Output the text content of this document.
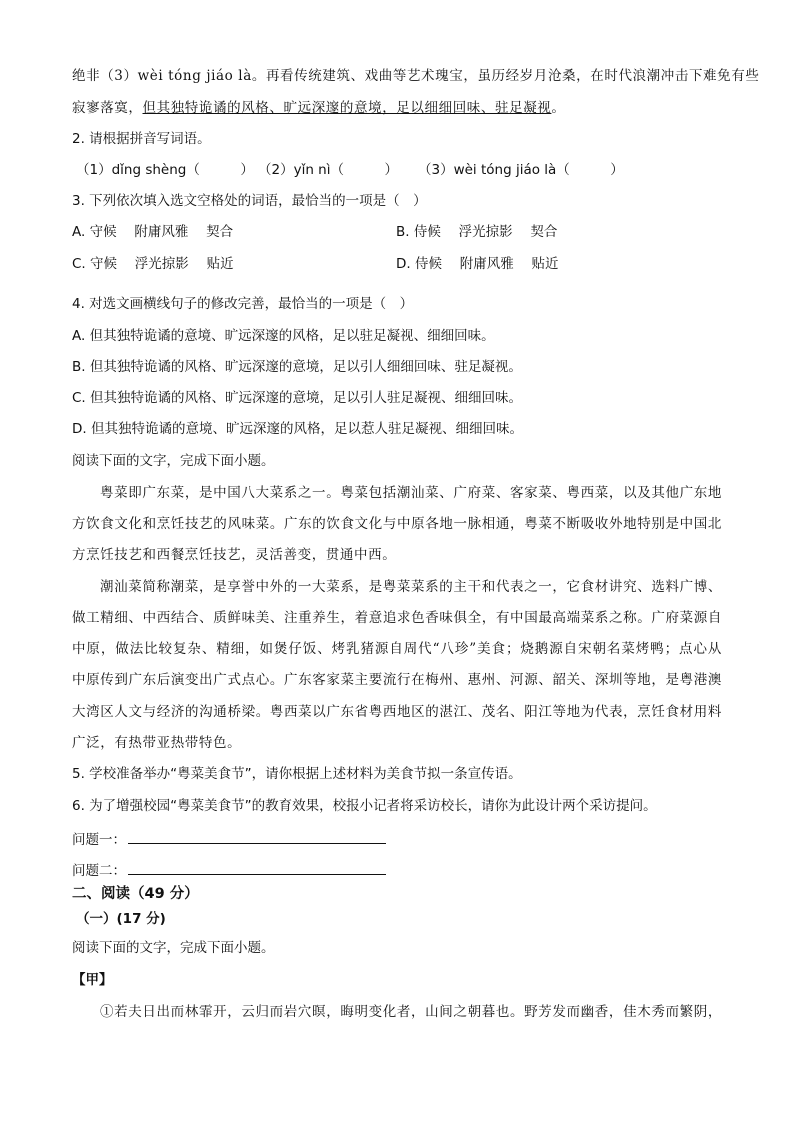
绝非（3）wèi tóng jiáo là。再看传统建筑、戏曲等艺术瑰宝，虽历经岁月沧桑，在时代浪潮冲击下难免有些
寂寥落寞，但其独特诡谲的风格、旷远深邃的意境，足以细细回味、驻足凝视。
2. 请根据拼音写词语。
（1）dǐng shèng（　　　） （2）yǐn nì（　　　） （3）wèi tóng jiáo là（　　　）
3. 下列依次填入选文空格处的词语，最恰当的一项是（　）
A. 守候　 附庸风雅　 契合	B. 侍候　 浮光掠影　 契合
C. 守候　 浮光掠影　 贴近	D. 侍候　 附庸风雅　 贴近
4. 对选文画横线句子的修改完善，最恰当的一项是（　）
A. 但其独特诡谲的意境、旷远深邃的风格，足以驻足凝视、细细回味。
B. 但其独特诡谲的风格、旷远深邃的意境，足以引人细细回味、驻足凝视。
C. 但其独特诡谲的风格、旷远深邃的意境，足以引人驻足凝视、细细回味。
D. 但其独特诡谲的意境、旷远深邃的风格，足以惹人驻足凝视、细细回味。
阅读下面的文字，完成下面小题。
粤菜即广东菜，是中国八大菜系之一。粤菜包括潮汕菜、广府菜、客家菜、粤西菜，以及其他广东地
方饮食文化和烹饪技艺的风味菜。广东的饮食文化与中原各地一脉相通，粤菜不断吸收外地特别是中国北
方烹饪技艺和西餐烹饪技艺，灵活善变，贯通中西。
潮汕菜简称潮菜，是享誉中外的一大菜系，是粤菜菜系的主干和代表之一，它食材讲究、选料广博、
做工精细、中西结合、质鲜味美、注重养生，着意追求色香味俱全，有中国最高端菜系之称。广府菜源自
中原，做法比较复杂、精细，如煲仔饭、烤乳猪源自周代“八珍”美食；烧鹅源自宋朝名菜烤鸭；点心从
中原传到广东后演变出广式点心。广东客家菜主要流行在梅州、惠州、河源、韶关、深圳等地，是粤港澳
大湾区人文与经济的沟通桥梁。粤西菜以广东省粤西地区的湛江、茂名、阳江等地为代表，烹饪食材用料
广泛，有热带亚热带特色。
5. 学校准备举办“粤菜美食节”，请你根据上述材料为美食节拟一条宣传语。
6. 为了增强校园“粤菜美食节”的教育效果，校报小记者将采访校长，请你为此设计两个采访提问。
问题一：
问题二：
二、阅读（49 分）
（一）(17 分)
阅读下面的文字，完成下面小题。
【甲】
①若夫日出而林霏开，云归而岩穴暝，晦明变化者，山间之朝暮也。野芳发而幽香，佳木秀而繁阴，
